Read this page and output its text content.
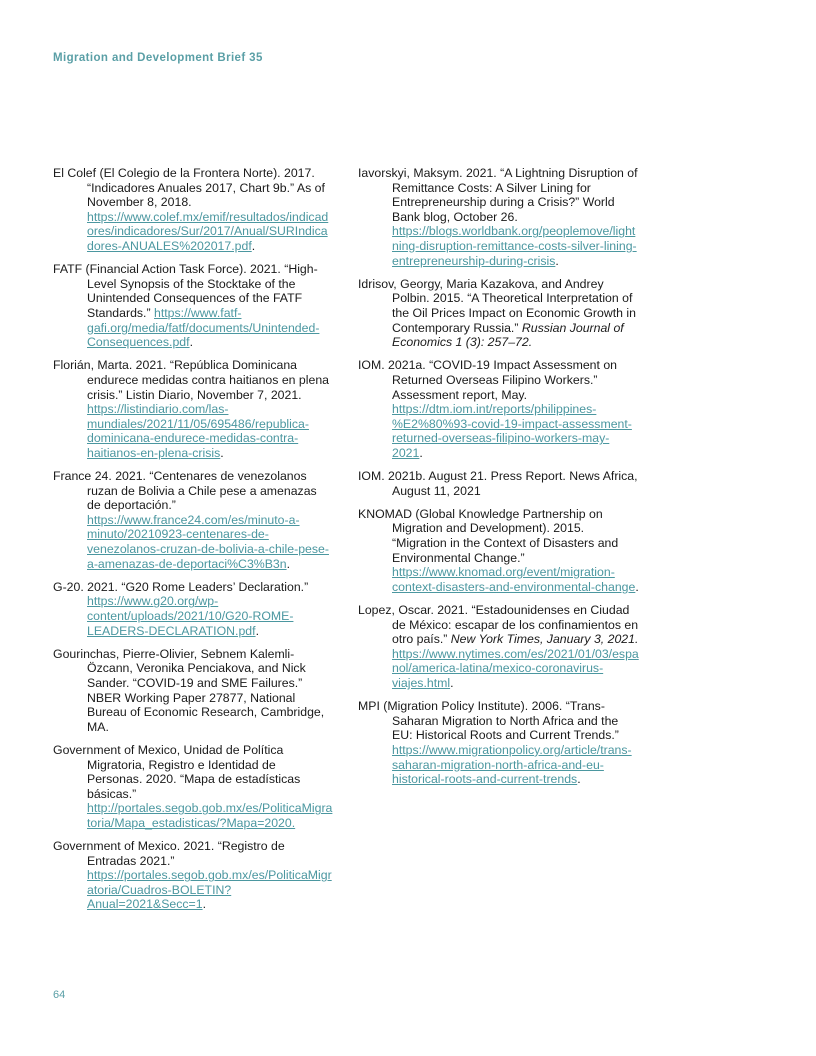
Migration and Development Brief 35

El Colef (El Colegio de la Frontera Norte). 2017. “Indicadores Anuales 2017, Chart 9b.” As of November 8, 2018. https://www.colef.mx/emif/resultados/indicadores/indicadores/Sur/2017/Anual/SURIndicadores-ANUALES%202017.pdf.

FATF (Financial Action Task Force). 2021. “High-Level Synopsis of the Stocktake of the Unintended Consequences of the FATF Standards.” https://www.fatf-gafi.org/media/fatf/documents/Unintended-Consequences.pdf.

Florián, Marta. 2021. “República Dominicana endurece medidas contra haitianos en plena crisis.” Listin Diario, November 7, 2021. https://listindiario.com/las-mundiales/2021/11/05/695486/republica-dominicana-endurece-medidas-contra-haitianos-en-plena-crisis.

France 24. 2021. “Centenares de venezolanos ruzan de Bolivia a Chile pese a amenazas de deportación.” https://www.france24.com/es/minuto-a-minuto/20210923-centenares-de-venezolanos-cruzan-de-bolivia-a-chile-pese-a-amenazas-de-deportaci%C3%B3n.

G-20. 2021. “G20 Rome Leaders’ Declaration.” https://www.g20.org/wp-content/uploads/2021/10/G20-ROME-LEADERS-DECLARATION.pdf.

Gourinchas, Pierre-Olivier, Sebnem Kalemli-Özcann, Veronika Penciakova, and Nick Sander. “COVID-19 and SME Failures.” NBER Working Paper 27877, National Bureau of Economic Research, Cambridge, MA.

Government of Mexico, Unidad de Política Migratoria, Registro e Identidad de Personas. 2020. “Mapa de estadísticas básicas.” http://portales.segob.gob.mx/es/PoliticaMigratoria/Mapa_estadisticas/?Mapa=2020.

Government of Mexico. 2021. “Registro de Entradas 2021.” https://portales.segob.gob.mx/es/PoliticaMigratoria/Cuadros-BOLETIN?Anual=2021&Secc=1.

Iavorskyi, Maksym. 2021. “A Lightning Disruption of Remittance Costs: A Silver Lining for Entrepreneurship during a Crisis?” World Bank blog, October 26. https://blogs.worldbank.org/peoplemove/lightning-disruption-remittance-costs-silver-lining-entrepreneurship-during-crisis.

Idrisov, Georgy, Maria Kazakova, and Andrey Polbin. 2015. “A Theoretical Interpretation of the Oil Prices Impact on Economic Growth in Contemporary Russia.” Russian Journal of Economics 1 (3): 257–72.

IOM. 2021a. “COVID-19 Impact Assessment on Returned Overseas Filipino Workers.” Assessment report, May. https://dtm.iom.int/reports/philippines-%E2%80%93-covid-19-impact-assessment-returned-overseas-filipino-workers-may-2021.

IOM. 2021b. August 21. Press Report. News Africa, August 11, 2021

KNOMAD (Global Knowledge Partnership on Migration and Development). 2015. “Migration in the Context of Disasters and Environmental Change.” https://www.knomad.org/event/migration-context-disasters-and-environmental-change.

Lopez, Oscar. 2021. “Estadounidenses en Ciudad de México: escapar de los confinamientos en otro país.” New York Times, January 3, 2021. https://www.nytimes.com/es/2021/01/03/espanol/america-latina/mexico-coronavirus-viajes.html.

MPI (Migration Policy Institute). 2006. “Trans-Saharan Migration to North Africa and the EU: Historical Roots and Current Trends.” https://www.migrationpolicy.org/article/trans-saharan-migration-north-africa-and-eu-historical-roots-and-current-trends.

64
